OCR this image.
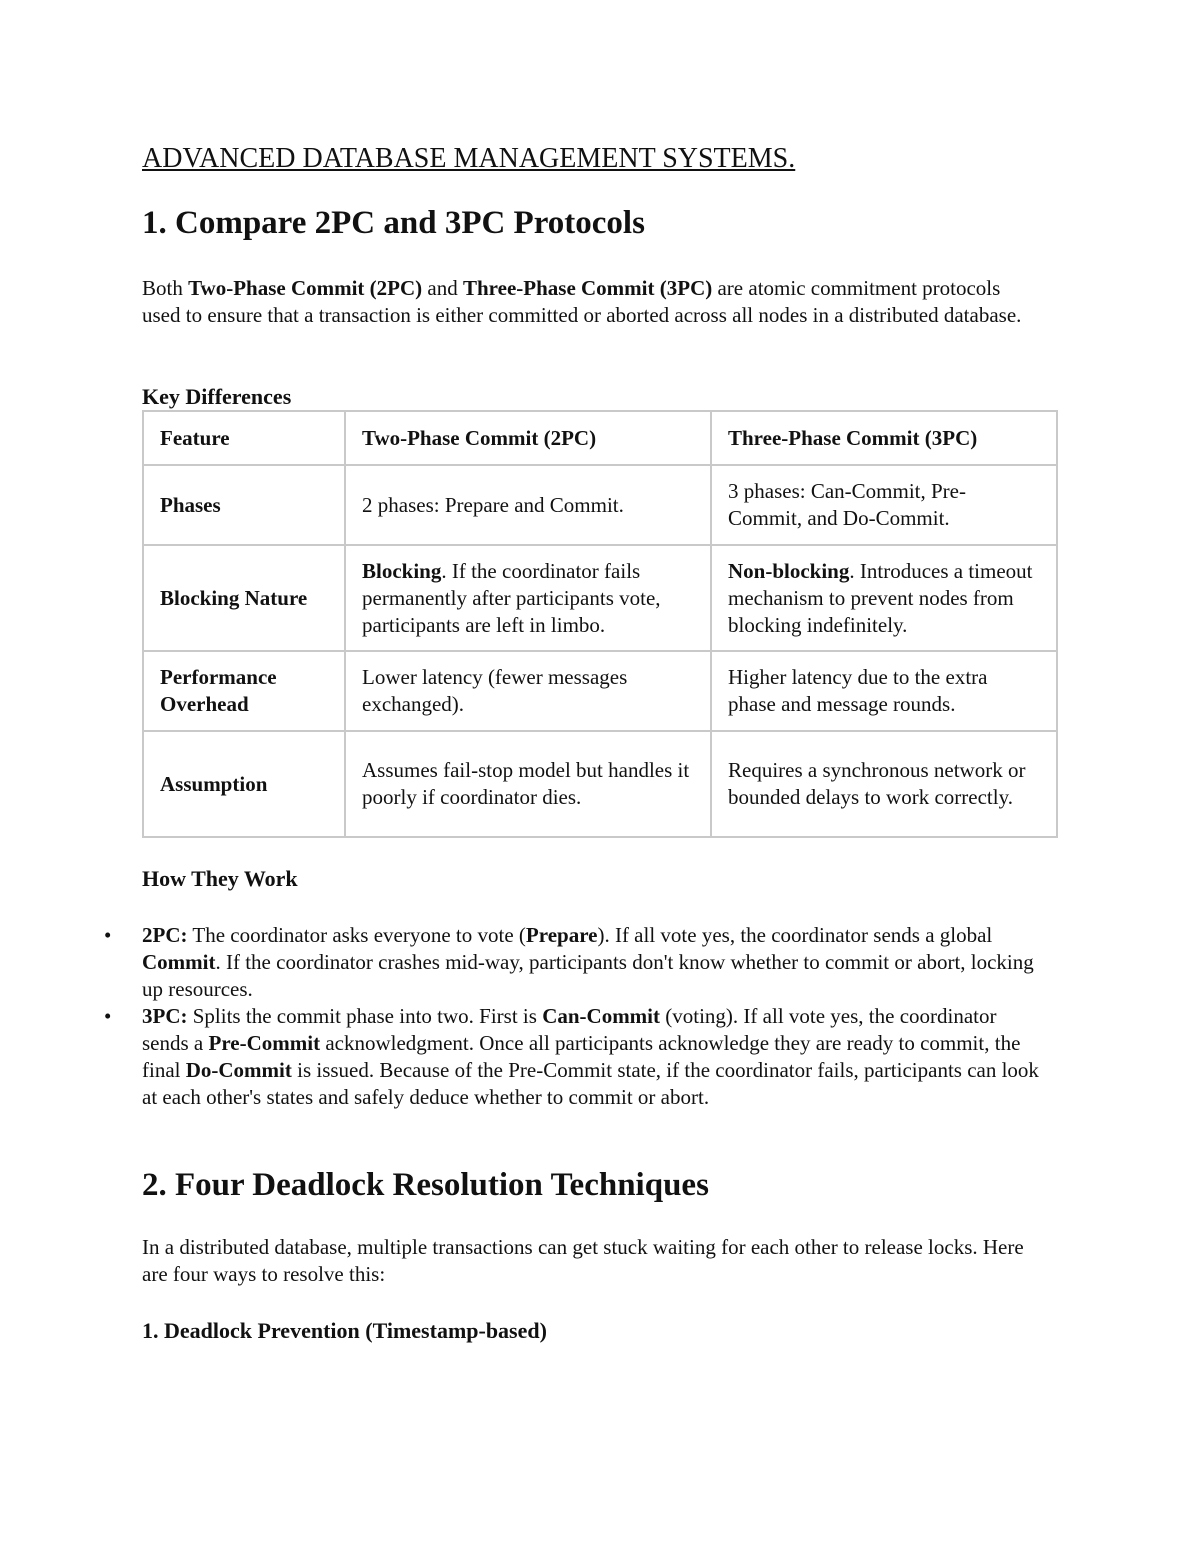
ADVANCED DATABASE MANAGEMENT SYSTEMS.
1. Compare 2PC and 3PC Protocols
Both Two-Phase Commit (2PC) and Three-Phase Commit (3PC) are atomic commitment protocols used to ensure that a transaction is either committed or aborted across all nodes in a distributed database.
Key Differences
Feature	Two-Phase Commit (2PC)	Three-Phase Commit (3PC)
Phases	2 phases: Prepare and Commit.	3 phases: Can-Commit, Pre-Commit, and Do-Commit.
Blocking Nature	Blocking. If the coordinator fails permanently after participants vote, participants are left in limbo.	Non-blocking. Introduces a timeout mechanism to prevent nodes from blocking indefinitely.
Performance Overhead	Lower latency (fewer messages exchanged).	Higher latency due to the extra phase and message rounds.
Assumption	Assumes fail-stop model but handles it poorly if coordinator dies.	Requires a synchronous network or bounded delays to work correctly.
How They Work
•	2PC: The coordinator asks everyone to vote (Prepare). If all vote yes, the coordinator sends a global Commit. If the coordinator crashes mid-way, participants don't know whether to commit or abort, locking up resources.
•	3PC: Splits the commit phase into two. First is Can-Commit (voting). If all vote yes, the coordinator sends a Pre-Commit acknowledgment. Once all participants acknowledge they are ready to commit, the final Do-Commit is issued. Because of the Pre-Commit state, if the coordinator fails, participants can look at each other's states and safely deduce whether to commit or abort.
2. Four Deadlock Resolution Techniques
In a distributed database, multiple transactions can get stuck waiting for each other to release locks. Here are four ways to resolve this:
1. Deadlock Prevention (Timestamp-based)
